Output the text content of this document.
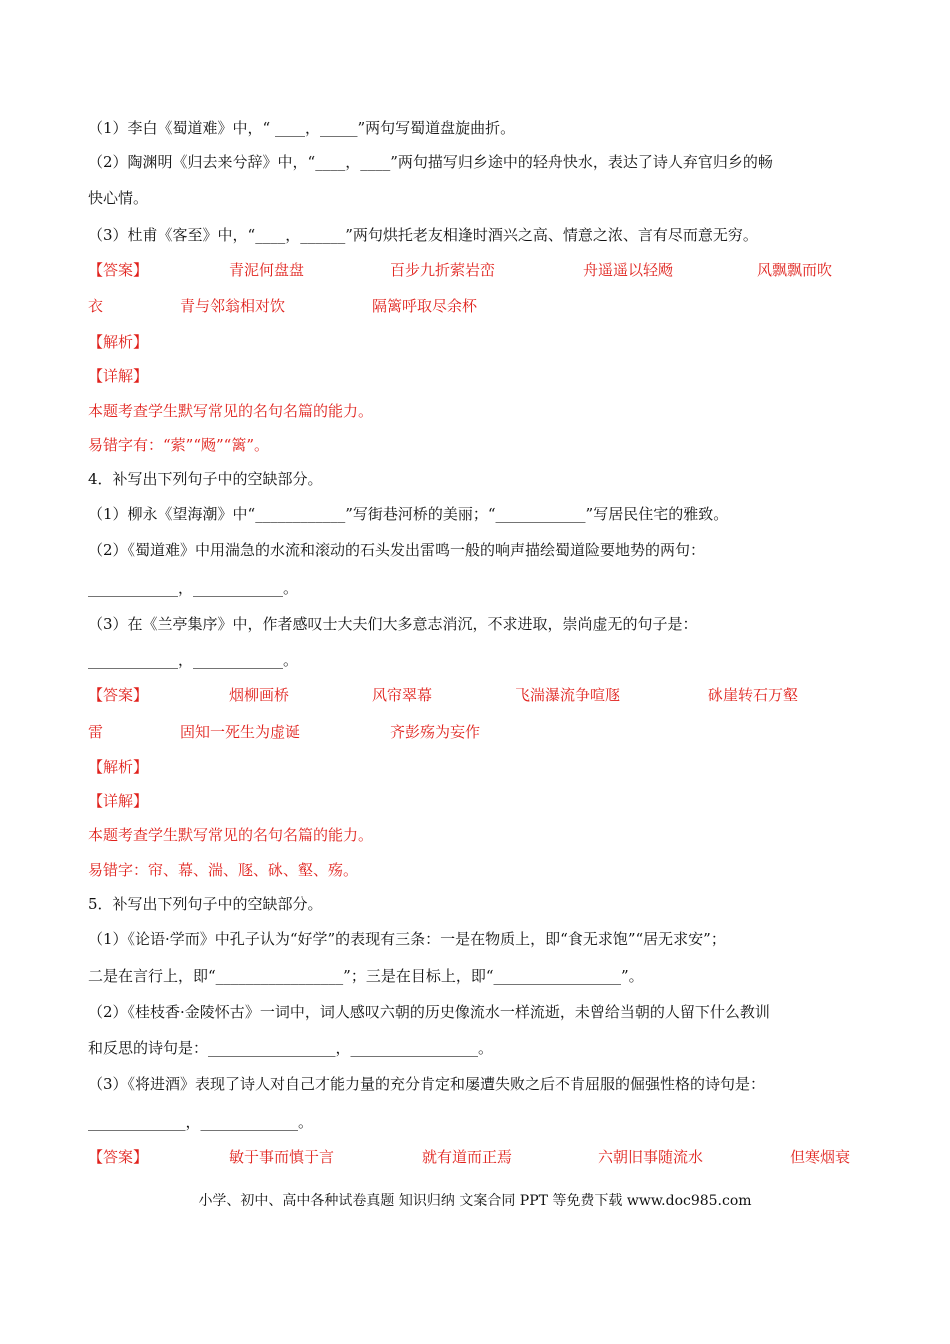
（1）李白《蜀道难》中，“ ____，_____”两句写蜀道盘旋曲折。
（2）陶渊明《归去来兮辞》中，“____，____”两句描写归乡途中的轻舟快水，表达了诗人弃官归乡的畅
快心情。
（3）杜甫《客至》中，“____，______”两句烘托老友相逢时酒兴之高、情意之浓、言有尽而意无穷。
【答案】	青泥何盘盘	百步九折萦岩峦	舟遥遥以轻飏	风飘飘而吹
衣	青与邻翁相对饮	隔篱呼取尽余杯
【解析】
【详解】
本题考查学生默写常见的名句名篇的能力。
易错字有：“萦”“飏”“篱”。
4．补写出下列句子中的空缺部分。
（1）柳永《望海潮》中“____________”写街巷河桥的美丽；“____________”写居民住宅的雅致。
（2）《蜀道难》中用湍急的水流和滚动的石头发出雷鸣一般的响声描绘蜀道险要地势的两句：
____________，____________。
（3）在《兰亭集序》中，作者感叹士大夫们大多意志消沉，不求进取，崇尚虚无的句子是：
____________，____________。
【答案】	烟柳画桥	风帘翠幕	飞湍瀑流争喧豗	砯崖转石万壑
雷	固知一死生为虚诞	齐彭殇为妄作
【解析】
【详解】
本题考查学生默写常见的名句名篇的能力。
易错字：帘、幕、湍、豗、砯、壑、殇。
5．补写出下列句子中的空缺部分。
（1）《论语·学而》中孔子认为“好学”的表现有三条：一是在物质上，即“食无求饱”“居无求安”；
二是在言行上，即“_________________”；三是在目标上，即“_________________”。
（2）《桂枝香·金陵怀古》一词中，词人感叹六朝的历史像流水一样流逝，未曾给当朝的人留下什么教训
和反思的诗句是：_________________，_________________。
（3）《将进酒》表现了诗人对自己才能力量的充分肯定和屡遭失败之后不肯屈服的倔强性格的诗句是：
_____________，_____________。
【答案】	敏于事而慎于言	就有道而正焉	六朝旧事随流水	但寒烟衰
小学、初中、高中各种试卷真题 知识归纳 文案合同 PPT 等免费下载 www.doc985.com
